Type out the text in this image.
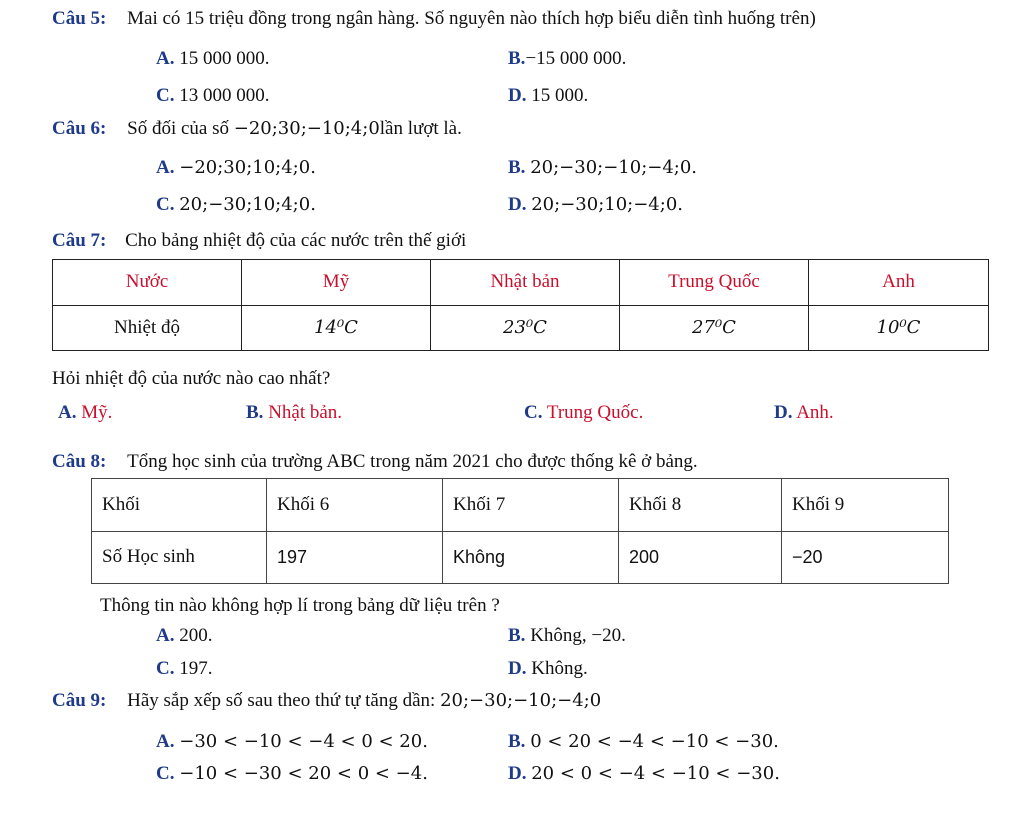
Câu 5: Mai có 15 triệu đồng trong ngân hàng. Số nguyên nào thích hợp biểu diễn tình huống trên)
A. 15 000 000.	B.−15 000 000.
C. 13 000 000.	D. 15 000.
Câu 6: Số đối của số −20;30;−10;4;0lần lượt là.
A. −20;30;10;4;0.	B. 20;−30;−10;−4;0.
C. 20;−30;10;4;0.	D. 20;−30;10;−4;0.
Câu 7: Cho bảng nhiệt độ của các nước trên thế giới
Nước	Mỹ	Nhật bản	Trung Quốc	Anh
Nhiệt độ	14⁰C	23⁰C	27⁰C	10⁰C
Hỏi nhiệt độ của nước nào cao nhất?
A. Mỹ.	B. Nhật bản.	C. Trung Quốc.	D. Anh.
Câu 8: Tổng học sinh của trường ABC trong năm 2021 cho được thống kê ở bảng.
Khối	Khối 6	Khối 7	Khối 8	Khối 9
Số Học sinh	197	Không	200	−20
Thông tin nào không hợp lí trong bảng dữ liệu trên ?
A. 200.	B. Không, −20.
C. 197.	D. Không.
Câu 9: Hãy sắp xếp số sau theo thứ tự tăng dần: 20;−30;−10;−4;0
A. −30 < −10 < −4 < 0 < 20.	B. 0 < 20 < −4 < −10 < −30.
C. −10 < −30 < 20 < 0 < −4.	D. 20 < 0 < −4 < −10 < −30.
